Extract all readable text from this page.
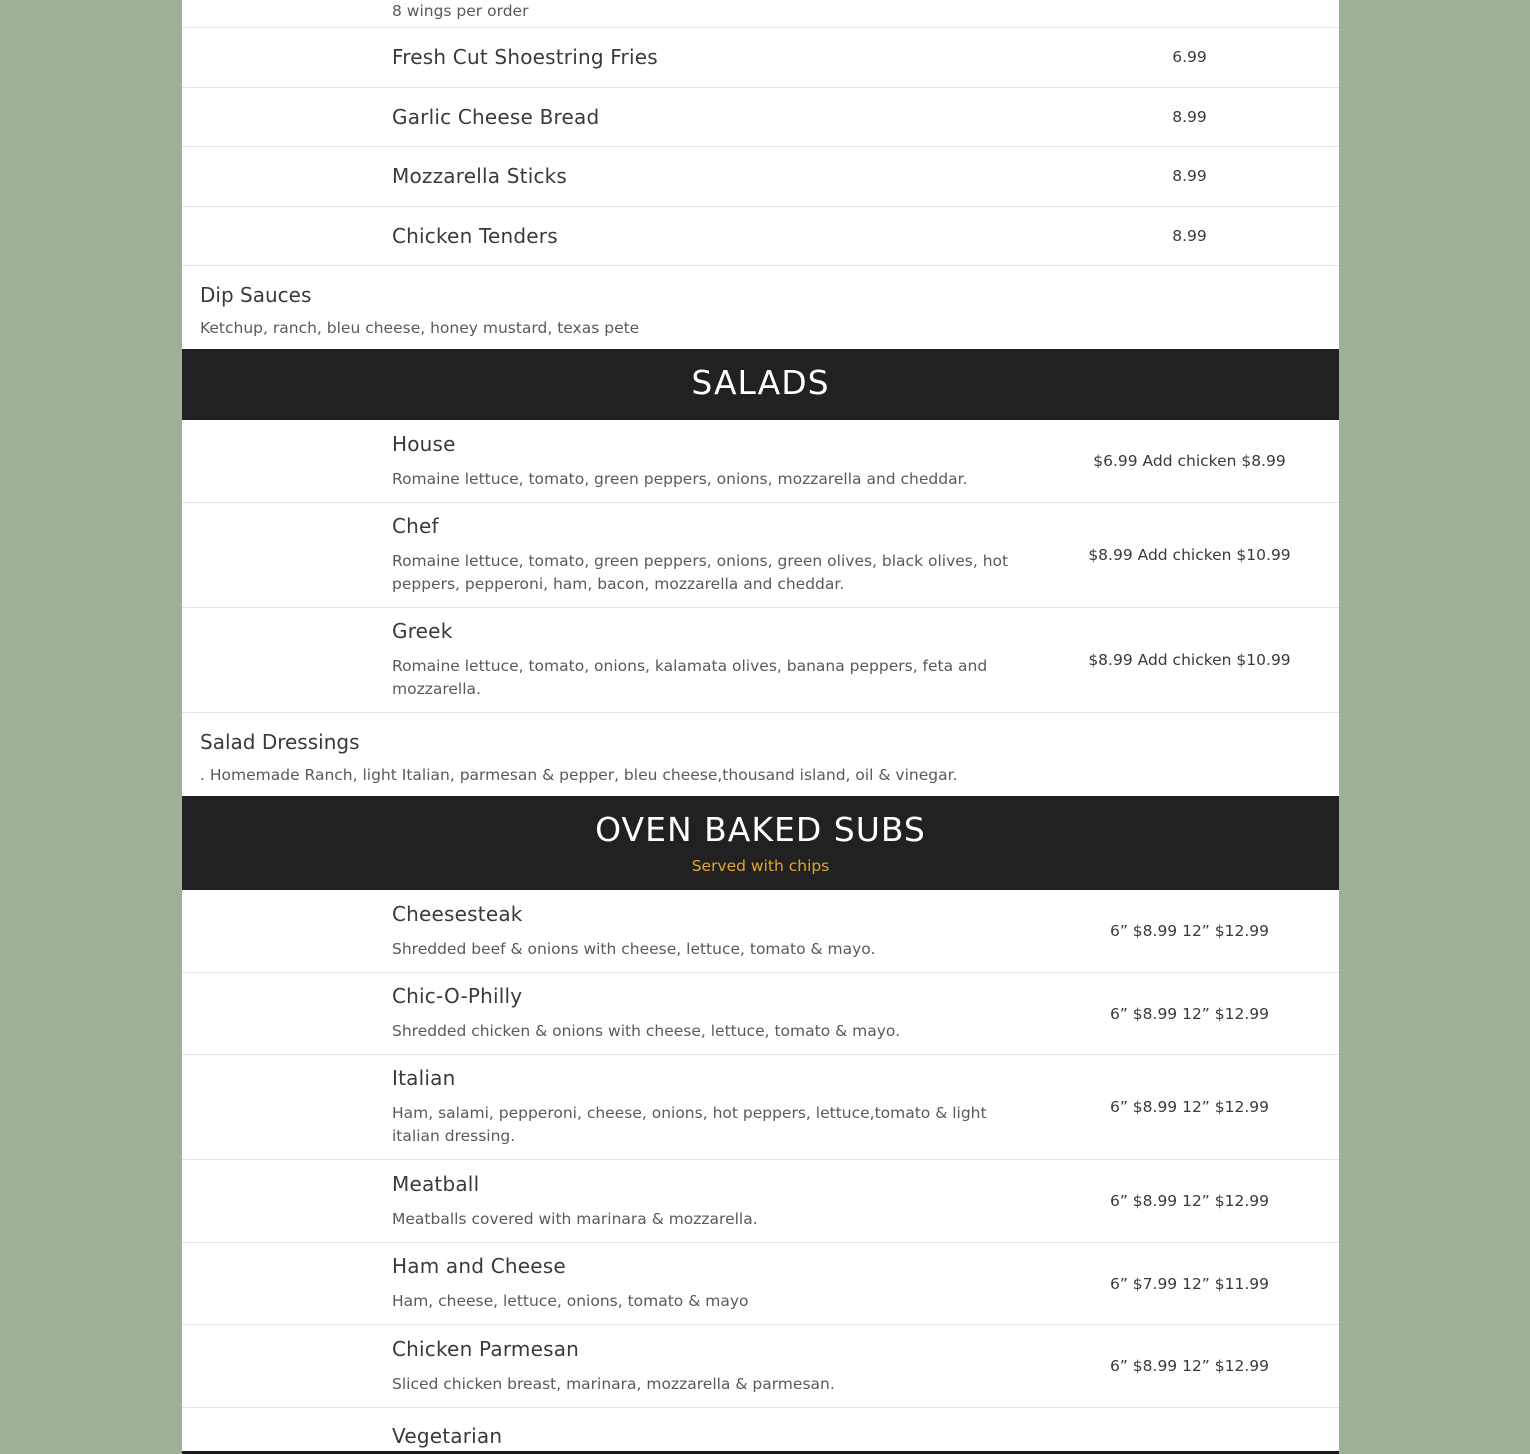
8 wings per order
Fresh Cut Shoestring Fries	6.99
Garlic Cheese Bread	8.99
Mozzarella Sticks	8.99
Chicken Tenders	8.99
Dip Sauces
Ketchup, ranch, bleu cheese, honey mustard, texas pete
SALADS
House
Romaine lettuce, tomato, green peppers, onions, mozzarella and cheddar.
$6.99 Add chicken $8.99
Chef
Romaine lettuce, tomato, green peppers, onions, green olives, black olives, hot peppers, pepperoni, ham, bacon, mozzarella and cheddar.
$8.99 Add chicken $10.99
Greek
Romaine lettuce, tomato, onions, kalamata olives, banana peppers, feta and mozzarella.
$8.99 Add chicken $10.99
Salad Dressings
. Homemade Ranch, light Italian, parmesan & pepper, bleu cheese,thousand island, oil & vinegar.
OVEN BAKED SUBS
Served with chips
Cheesesteak
Shredded beef & onions with cheese, lettuce, tomato & mayo.
6” $8.99 12” $12.99
Chic-O-Philly
Shredded chicken & onions with cheese, lettuce, tomato & mayo.
6” $8.99 12” $12.99
Italian
Ham, salami, pepperoni, cheese, onions, hot peppers, lettuce,tomato & light italian dressing.
6” $8.99 12” $12.99
Meatball
Meatballs covered with marinara & mozzarella.
6” $8.99 12” $12.99
Ham and Cheese
Ham, cheese, lettuce, onions, tomato & mayo
6” $7.99 12” $11.99
Chicken Parmesan
Sliced chicken breast, marinara, mozzarella & parmesan.
6” $8.99 12” $12.99
Vegetarian
